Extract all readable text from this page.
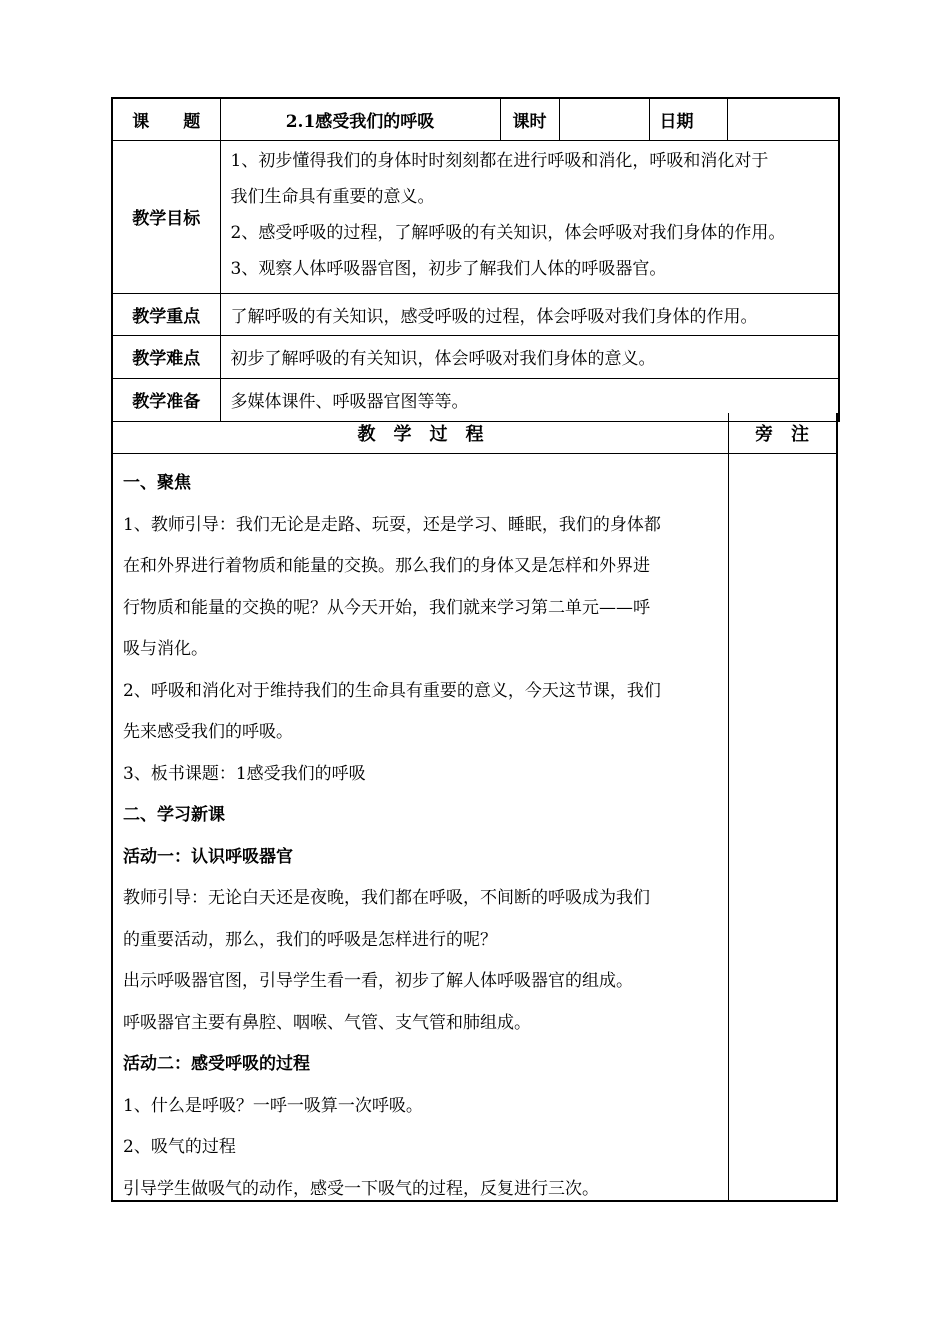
课　　题	2.1感受我们的呼吸	课时		日期	
教学目标	1、初步懂得我们的身体时时刻刻都在进行呼吸和消化，呼吸和消化对于
我们生命具有重要的意义。
2、感受呼吸的过程，了解呼吸的有关知识，体会呼吸对我们身体的作用。
3、观察人体呼吸器官图，初步了解我们人体的呼吸器官。				

教学重点	了解呼吸的有关知识，感受呼吸的过程，体会呼吸对我们身体的作用。				
教学难点	初步了解呼吸的有关知识，体会呼吸对我们身体的意义。				
教学准备	多媒体课件、呼吸器官图等等。				
教　学　过　程	旁　注

一、聚焦

1、教师引导：我们无论是走路、玩耍，还是学习、睡眠，我们的身体都

在和外界进行着物质和能量的交换。那么我们的身体又是怎样和外界进

行物质和能量的交换的呢？从今天开始，我们就来学习第二单元——呼

吸与消化。

2、呼吸和消化对于维持我们的生命具有重要的意义，今天这节课，我们

先来感受我们的呼吸。

3、板书课题：1感受我们的呼吸

二、学习新课

活动一：认识呼吸器官

教师引导：无论白天还是夜晚，我们都在呼吸，不间断的呼吸成为我们

的重要活动，那么，我们的呼吸是怎样进行的呢？

出示呼吸器官图，引导学生看一看，初步了解人体呼吸器官的组成。

呼吸器官主要有鼻腔、咽喉、气管、支气管和肺组成。

活动二：感受呼吸的过程

1、什么是呼吸？一呼一吸算一次呼吸。

2、吸气的过程

引导学生做吸气的动作，感受一下吸气的过程，反复进行三次。
